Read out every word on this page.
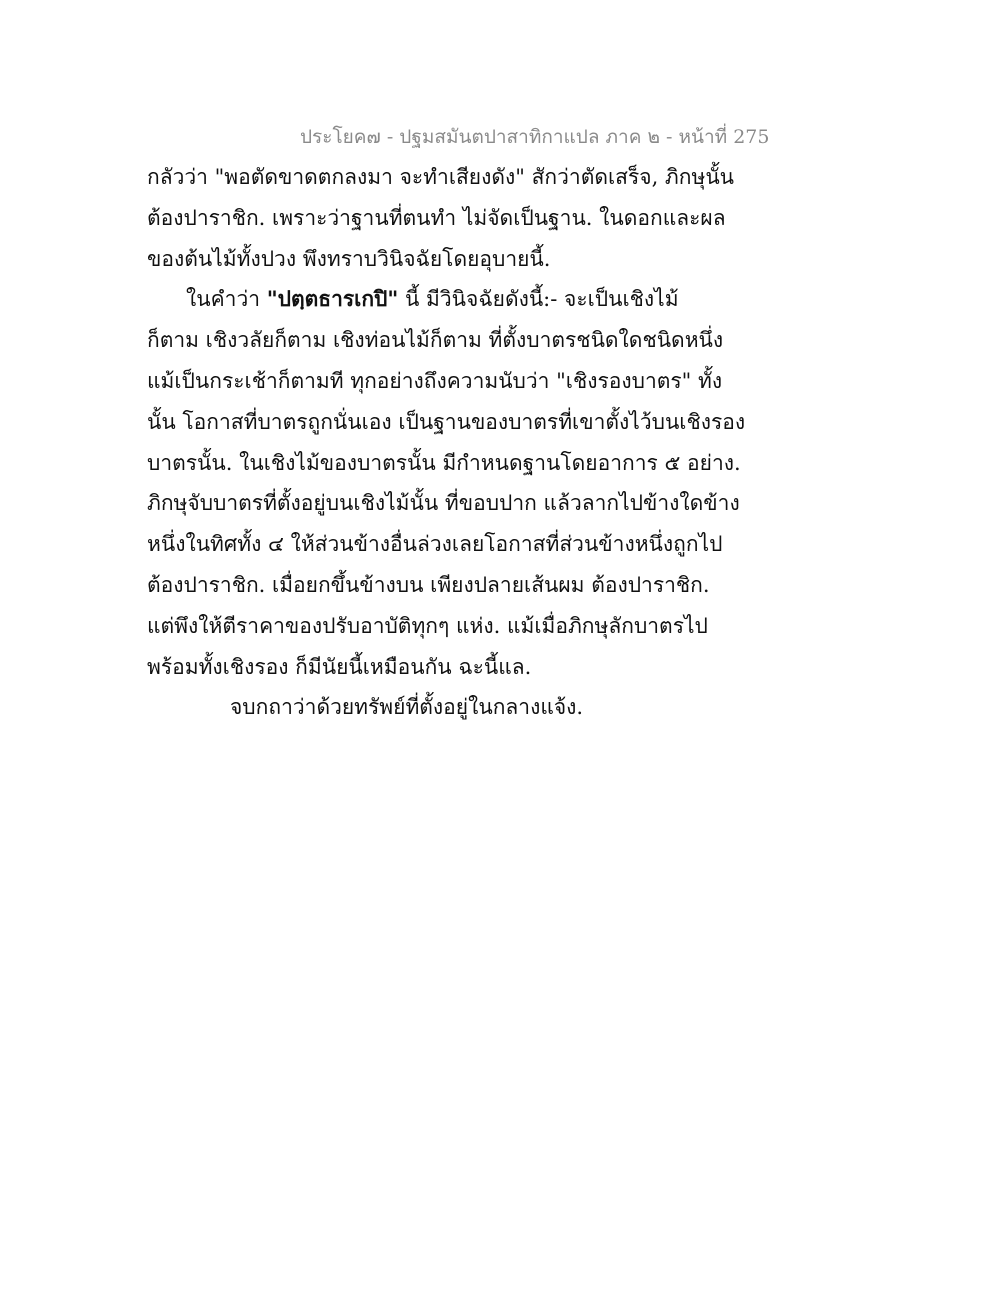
ประโยค๗ - ปฐมสมันตปาสาทิกาแปล ภาค ๒ - หน้าที่ 275
กลัวว่า "พอตัดขาดตกลงมา จะทำเสียงดัง" สักว่าตัดเสร็จ, ภิกษุนั้น
ต้องปาราชิก. เพราะว่าฐานที่ตนทำ ไม่จัดเป็นฐาน. ในดอกและผล
ของต้นไม้ทั้งปวง พึงทราบวินิจฉัยโดยอุบายนี้.
ในคำว่า "ปตฺตธารเกปิ" นี้ มีวินิจฉัยดังนี้:- จะเป็นเชิงไม้
ก็ตาม เชิงวลัยก็ตาม เชิงท่อนไม้ก็ตาม ที่ตั้งบาตรชนิดใดชนิดหนึ่ง
แม้เป็นกระเช้าก็ตามที ทุกอย่างถึงความนับว่า "เชิงรองบาตร" ทั้ง
นั้น โอกาสที่บาตรถูกนั่นเอง เป็นฐานของบาตรที่เขาตั้งไว้บนเชิงรอง
บาตรนั้น. ในเชิงไม้ของบาตรนั้น มีกำหนดฐานโดยอาการ ๕ อย่าง.
ภิกษุจับบาตรที่ตั้งอยู่บนเชิงไม้นั้น ที่ขอบปาก แล้วลากไปข้างใดข้าง
หนึ่งในทิศทั้ง ๔ ให้ส่วนข้างอื่นล่วงเลยโอกาสที่ส่วนข้างหนึ่งถูกไป
ต้องปาราชิก. เมื่อยกขึ้นข้างบน เพียงปลายเส้นผม ต้องปาราชิก.
แต่พึงให้ตีราคาของปรับอาบัติทุกๆ แห่ง. แม้เมื่อภิกษุลักบาตรไป
พร้อมทั้งเชิงรอง ก็มีนัยนี้เหมือนกัน ฉะนี้แล.
จบกถาว่าด้วยทรัพย์ที่ตั้งอยู่ในกลางแจ้ง.
